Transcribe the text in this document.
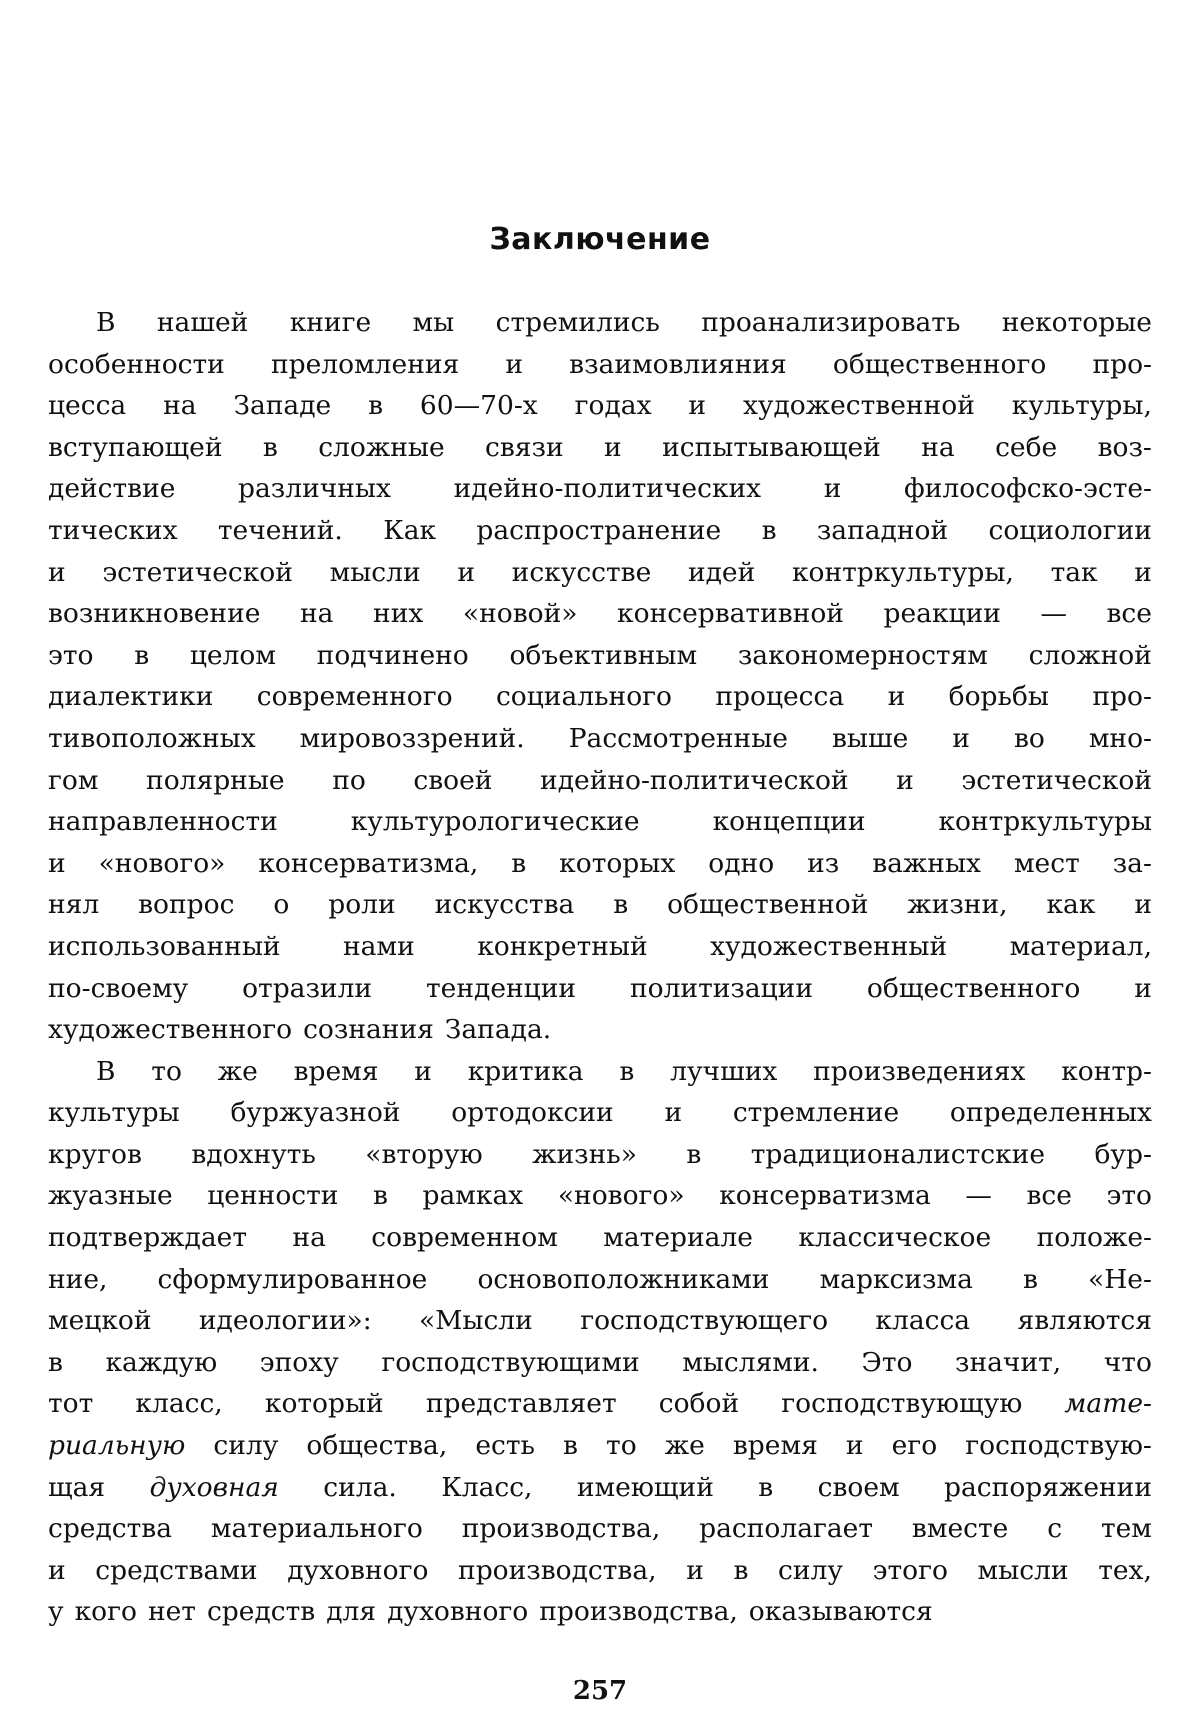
Заключение
В нашей книге мы стремились проанализировать некоторые
особенности преломления и взаимовлияния общественного про-
цесса на Западе в 60—70-х годах и художественной культуры,
вступающей в сложные связи и испытывающей на себе воз-
действие различных идейно-политических и философско-эсте-
тических течений. Как распространение в западной социологии
и эстетической мысли и искусстве идей контркультуры, так и
возникновение на них «новой» консервативной реакции — все
это в целом подчинено объективным закономерностям сложной
диалектики современного социального процесса и борьбы про-
тивоположных мировоззрений. Рассмотренные выше и во мно-
гом полярные по своей идейно-политической и эстетической
направленности	культурологические	концепции	контркультуры
и «нового» консерватизма, в которых одно из важных мест за-
нял вопрос о роли искусства в общественной жизни, как и
использованный нами конкретный художественный материал,
по-своему отразили тенденции политизации общественного и
художественного сознания Запада.
В то же время и критика в лучших произведениях контр-
культуры буржуазной ортодоксии и стремление определенных
кругов вдохнуть «вторую жизнь» в традиционалистские бур-
жуазные ценности в рамках «нового» консерватизма — все это
подтверждает на современном материале классическое положе-
ние, сформулированное основоположниками марксизма в «Не-
мецкой идеологии»: «Мысли господствующего класса являются
в каждую эпоху господствующими мыслями. Это значит, что
тот класс, который представляет собой господствующую мате-
риальную силу общества, есть в то же время и его господствую-
щая духовная сила. Класс, имеющий в своем распоряжении
средства материального производства, располагает вместе с тем
и средствами духовного производства, и в силу этого мысли тех,
у кого нет средств для духовного производства, оказываются
257
